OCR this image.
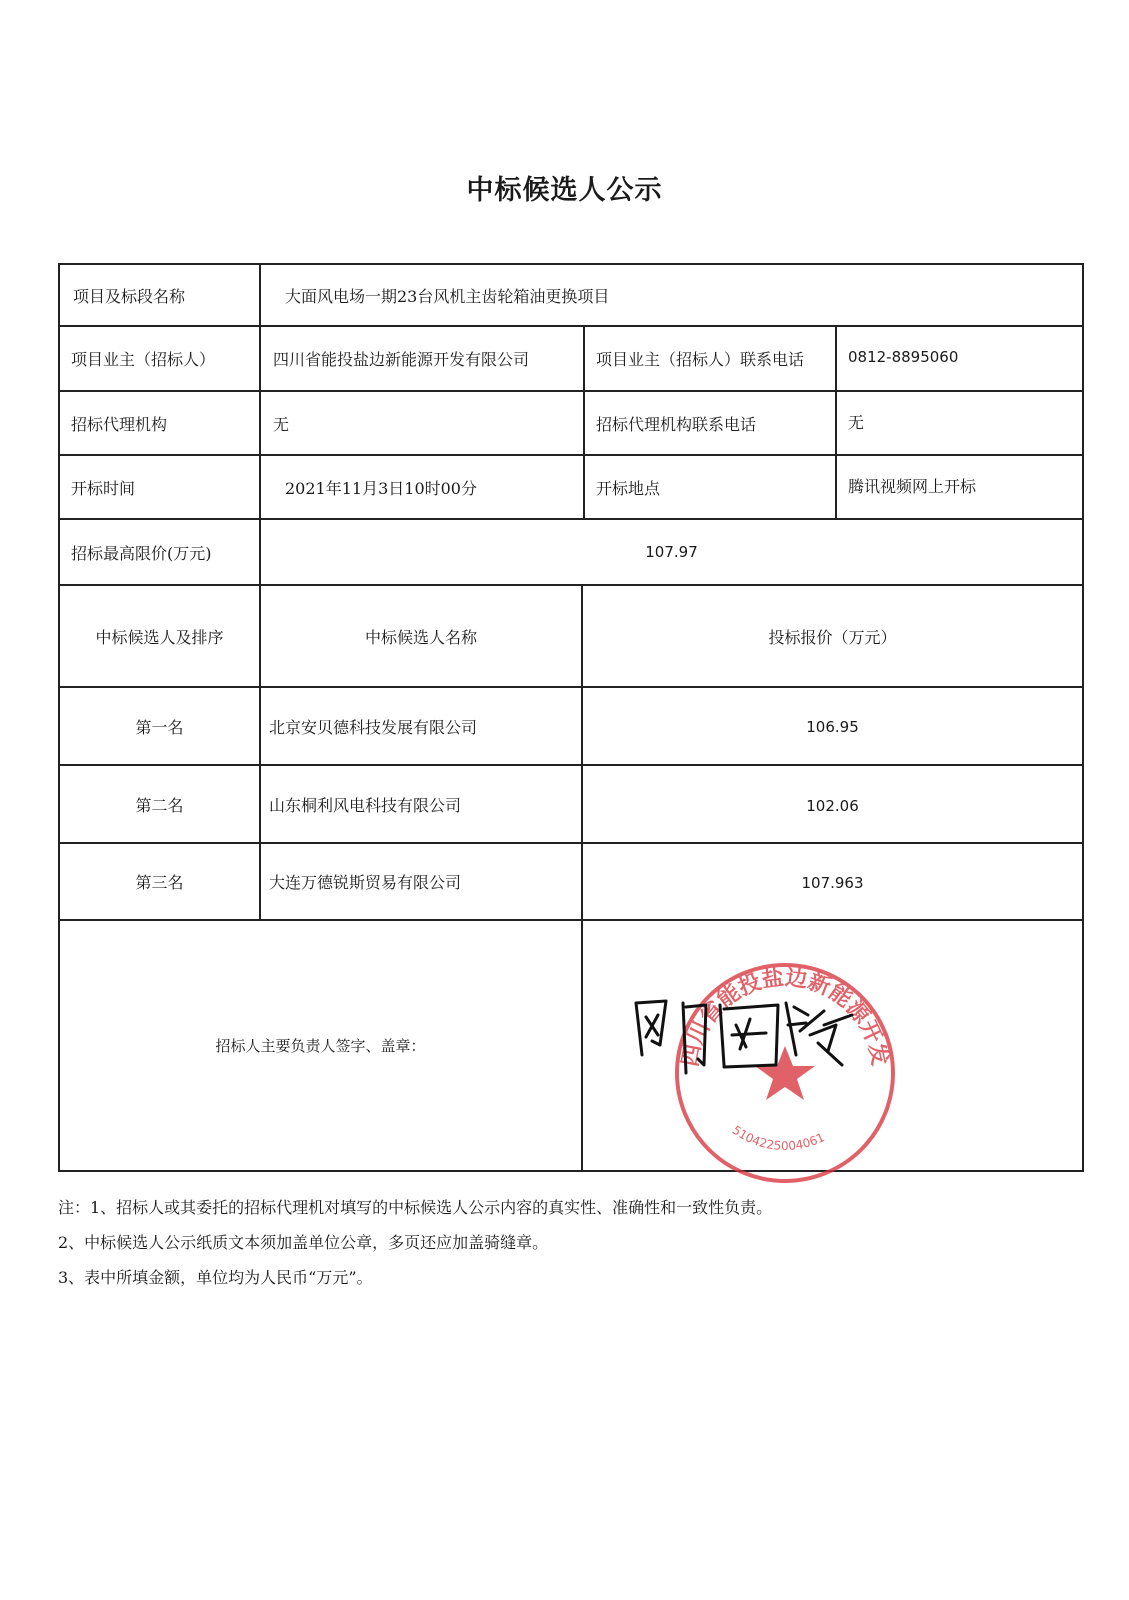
中标候选人公示
项目及标段名称	大面风电场一期23台风机主齿轮箱油更换项目
项目业主（招标人）	四川省能投盐边新能源开发有限公司	项目业主（招标人）联系电话	0812-8895060
招标代理机构	无	招标代理机构联系电话	无
开标时间	2021年11月3日10时00分	开标地点	腾讯视频网上开标
招标最高限价(万元)	107.97
中标候选人及排序	中标候选人名称	投标报价（万元）
第一名	北京安贝德科技发展有限公司	106.95
第二名	山东桐利风电科技有限公司	102.06
第三名	大连万德锐斯贸易有限公司	107.963
招标人主要负责人签字、盖章：	四川省能投盐边新能源开发
5104225004061
注：1、招标人或其委托的招标代理机对填写的中标候选人公示内容的真实性、准确性和一致性负责。
2、中标候选人公示纸质文本须加盖单位公章，多页还应加盖骑缝章。
3、表中所填金额，单位均为人民币“万元”。
